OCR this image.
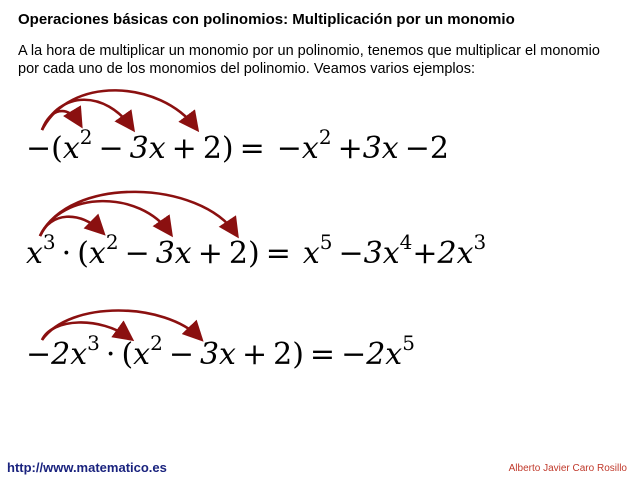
Operaciones básicas con polinomios: Multiplicación por un monomio
A la hora de multiplicar un monomio por un polinomio, tenemos que multiplicar el monomio por cada uno de los monomios del polinomio. Veamos varios ejemplos:
$-(x^2 - 3x + 2) = -x^2 +3x -2$
$x^3 \cdot (x^2 - 3x + 2) = x^5 -3x^4+2x^3$
$-2x^3 \cdot (x^2 - 3x + 2) = -2x^5$
http://www.matematico.es	Alberto Javier Caro Rosillo
